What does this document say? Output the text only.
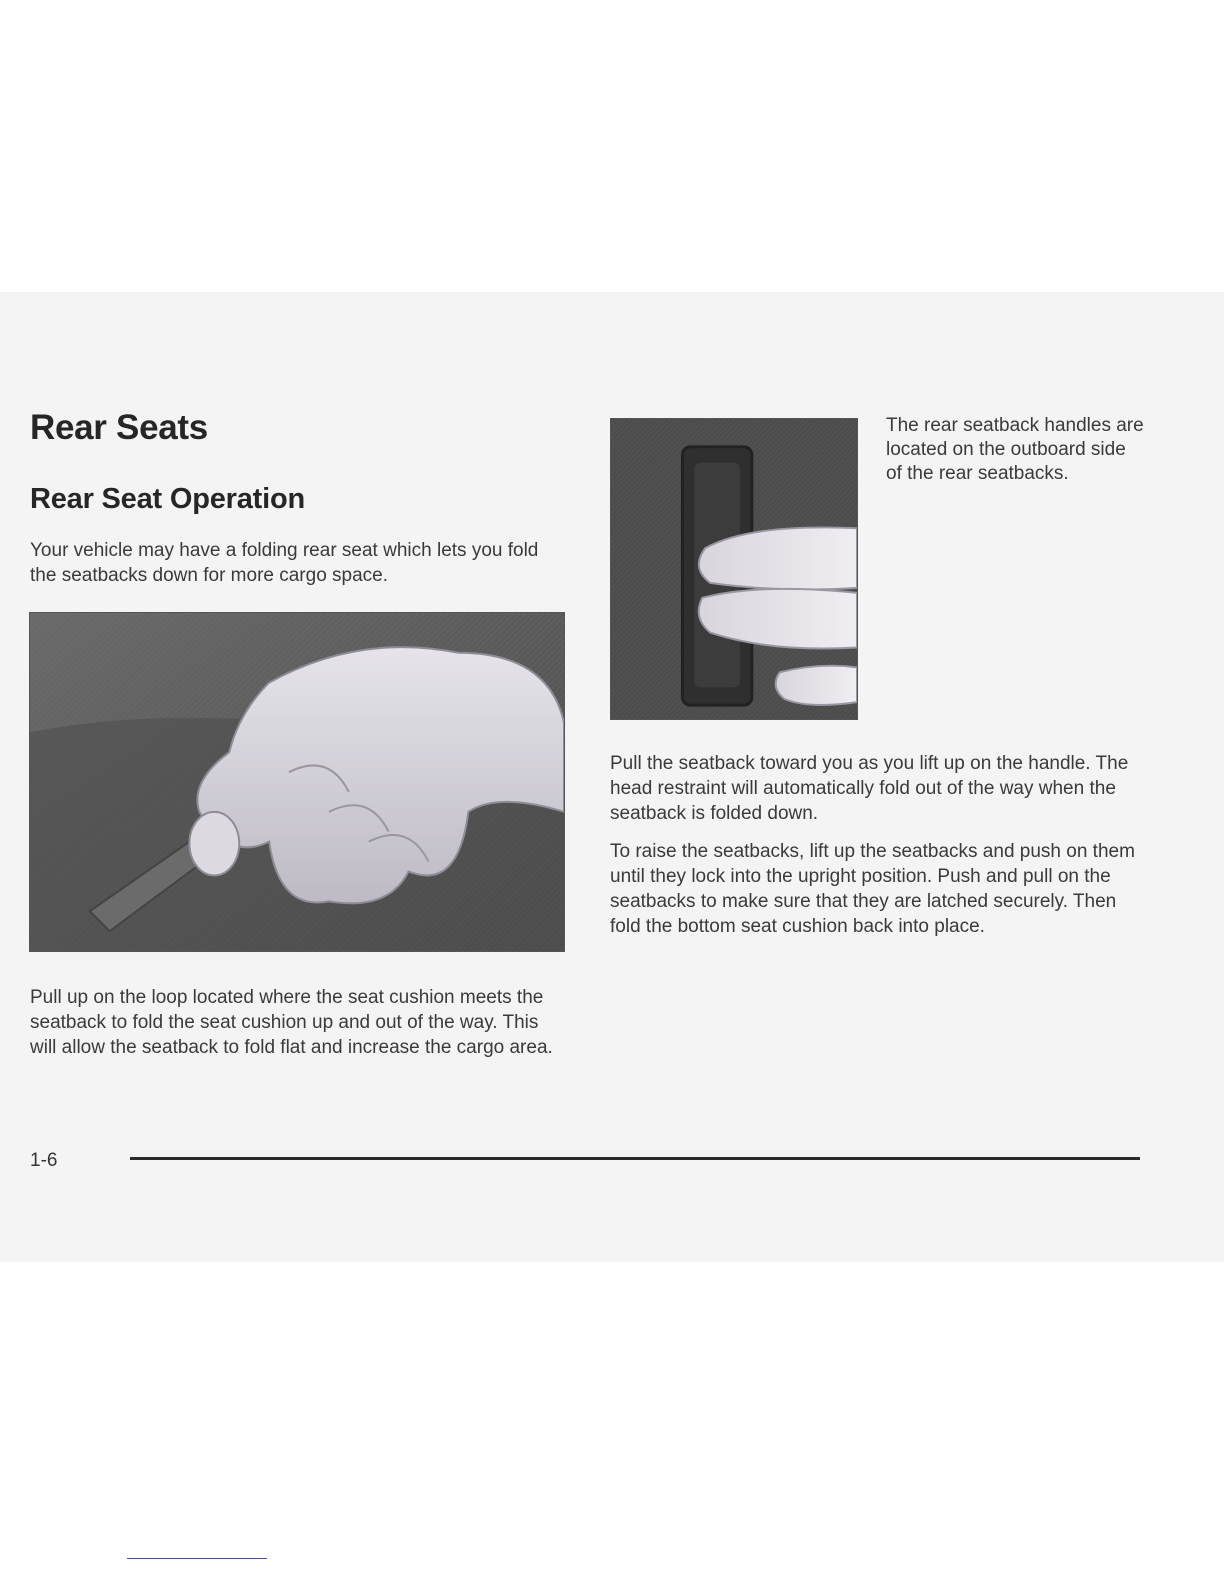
Rear Seats
Rear Seat Operation

Your vehicle may have a folding rear seat which lets you fold the seatbacks down for more cargo space.

Pull up on the loop located where the seat cushion meets the seatback to fold the seat cushion up and out of the way. This will allow the seatback to fold flat and increase the cargo area.

The rear seatback handles are located on the outboard side of the rear seatbacks.

Pull the seatback toward you as you lift up on the handle. The head restraint will automatically fold out of the way when the seatback is folded down.

To raise the seatbacks, lift up the seatbacks and push on them until they lock into the upright position. Push and pull on the seatbacks to make sure that they are latched securely. Then fold the bottom seat cushion back into place.

1-6
